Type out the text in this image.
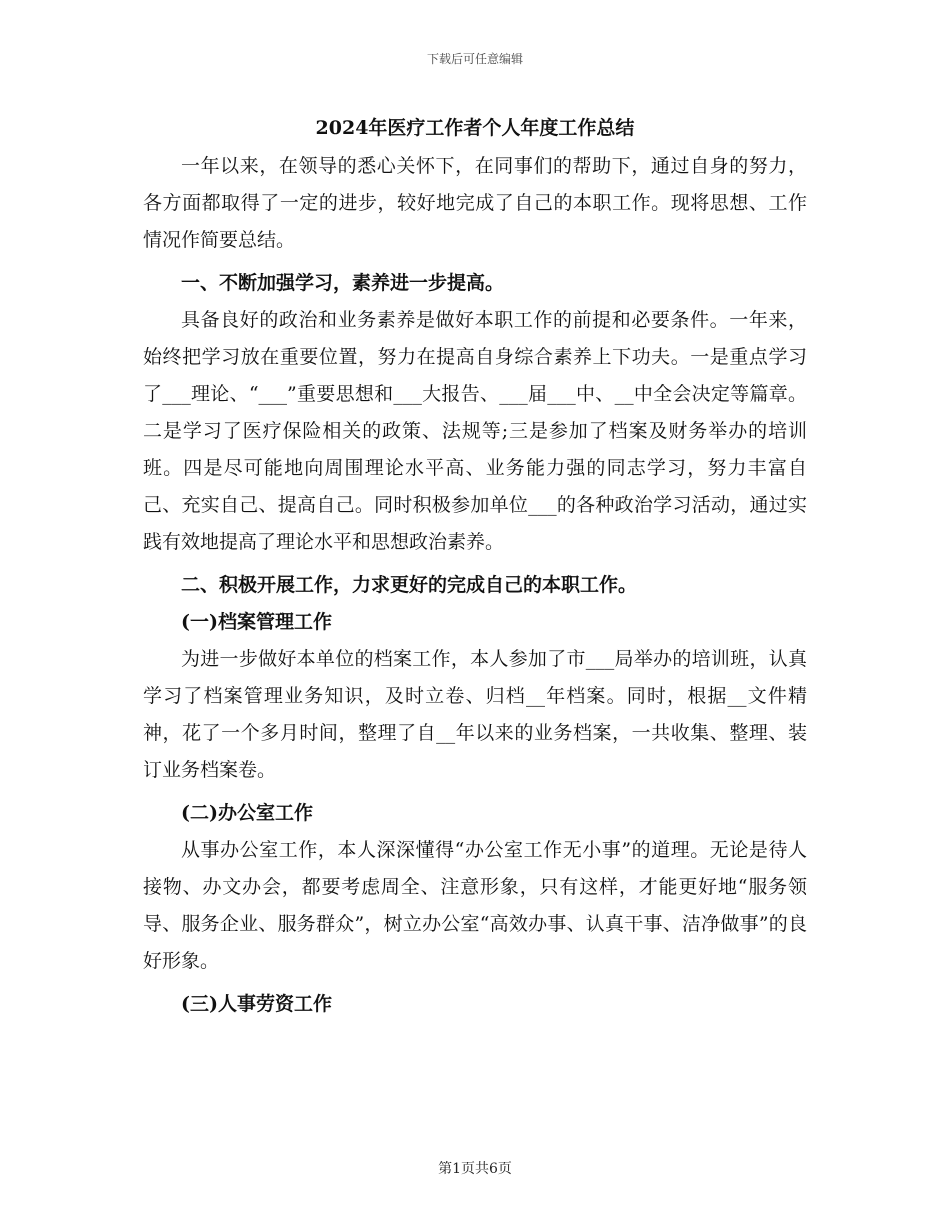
下载后可任意编辑
2024年医疗工作者个人年度工作总结

一年以来，在领导的悉心关怀下，在同事们的帮助下，通过自身的努力，各方面都取得了一定的进步，较好地完成了自己的本职工作。现将思想、工作情况作简要总结。

一、不断加强学习，素养进一步提高。

具备良好的政治和业务素养是做好本职工作的前提和必要条件。一年来，始终把学习放在重要位置，努力在提高自身综合素养上下功夫。一是重点学习了___理论、“___”重要思想和___大报告、___届___中、__中全会决定等篇章。二是学习了医疗保险相关的政策、法规等;三是参加了档案及财务举办的培训班。四是尽可能地向周围理论水平高、业务能力强的同志学习，努力丰富自己、充实自己、提高自己。同时积极参加单位___的各种政治学习活动，通过实践有效地提高了理论水平和思想政治素养。

二、积极开展工作，力求更好的完成自己的本职工作。

(一)档案管理工作

为进一步做好本单位的档案工作，本人参加了市___局举办的培训班，认真学习了档案管理业务知识，及时立卷、归档__年档案。同时，根据__文件精神，花了一个多月时间，整理了自__年以来的业务档案，一共收集、整理、装订业务档案卷。

(二)办公室工作

从事办公室工作，本人深深懂得“办公室工作无小事”的道理。无论是待人接物、办文办会，都要考虑周全、注意形象，只有这样，才能更好地“服务领导、服务企业、服务群众”，树立办公室“高效办事、认真干事、洁净做事”的良好形象。

(三)人事劳资工作

第1页共6页
